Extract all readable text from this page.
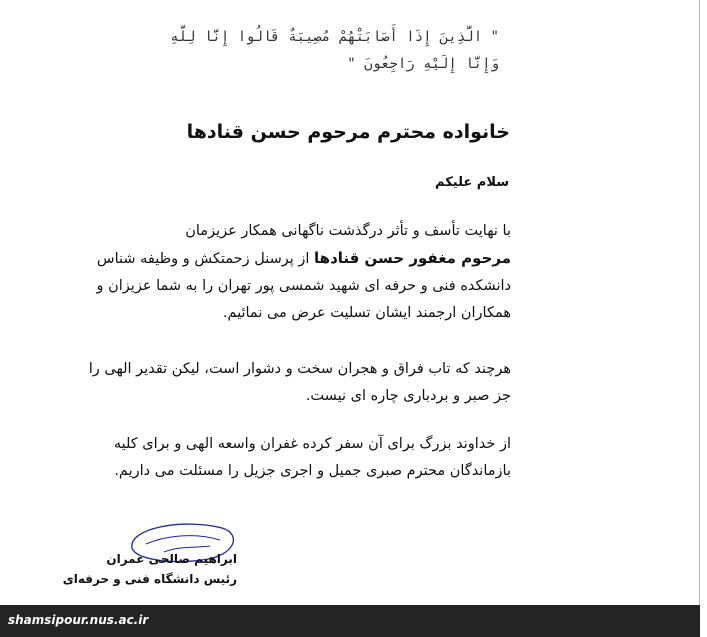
" الَّذِينَ إِذَا أَصَابَتْهُمْ مُصِيبَةٌ قَالُوا إِنَّا لِلَّهِ
وَإِنَّا إِلَيْهِ رَاجِعُونَ "
خانواده محترم مرحوم حسن قنادها
سلام علیکم
با نهایت تأسف و تأثر درگذشت ناگهانی همکار عزیزمان
مرحوم مغفور حسن قنادها از پرسنل زحمتکش و وظیفه شناس
دانشکده فنی و حرفه ای شهید شمسی پور تهران را به شما عزیزان و
همکاران ارجمند ایشان تسلیت عرض می نمائیم.
هرچند که تاب فراق و هجران سخت و دشوار است، لیکن تقدیر الهی را
جز صبر و بردباری چاره ای نیست.
از خداوند بزرگ برای آن سفر کرده غفران واسعه الهی و برای کلیه
بازماندگان محترم صبری جمیل و اجری جزیل را مسئلت می داریم.
ابراهیم صالحی عمران
رئیس دانشگاه فنی و حرفه‌ای
shamsipour.nus.ac.ir
